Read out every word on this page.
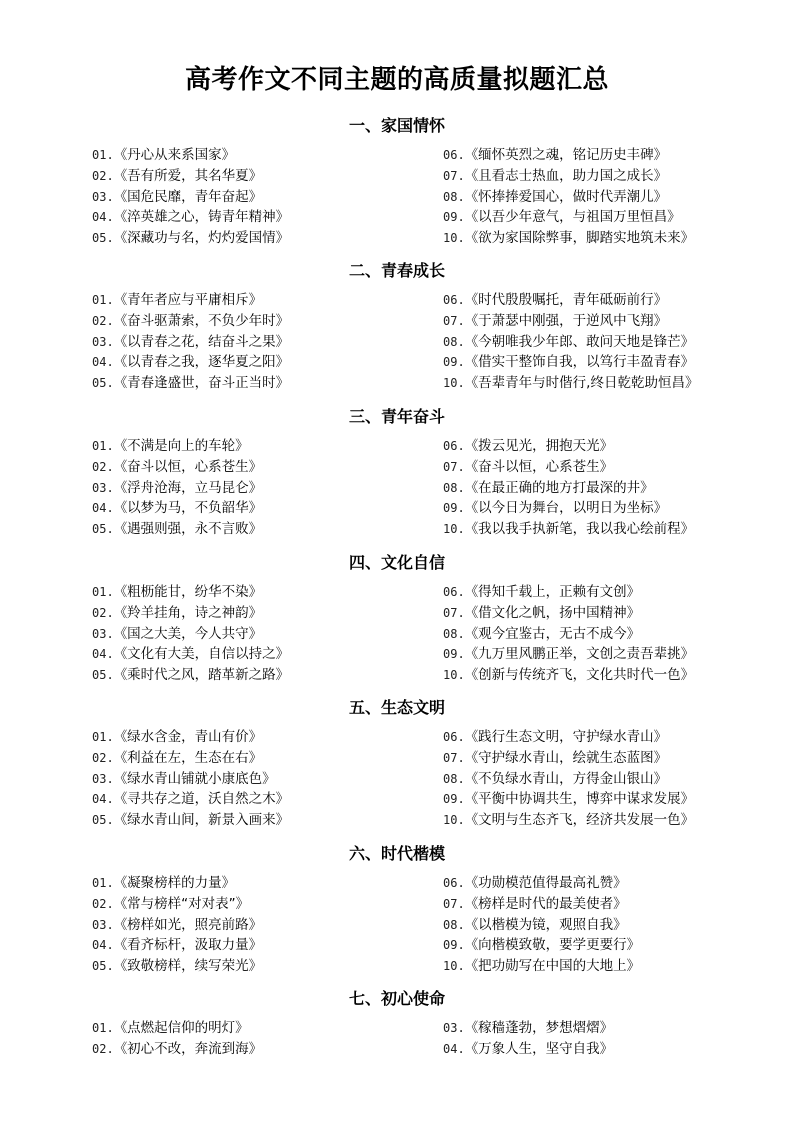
高考作文不同主题的高质量拟题汇总
一、家国情怀
01.《丹心从来系国家》
02.《吾有所爱，其名华夏》
03.《国危民靡，青年奋起》
04.《淬英雄之心，铸青年精神》
05.《深藏功与名，灼灼爱国情》
06.《缅怀英烈之魂，铭记历史丰碑》
07.《且看志士热血，助力国之成长》
08.《怀捧捧爱国心，做时代弄潮儿》
09.《以吾少年意气，与祖国万里恒昌》
10.《欲为家国除弊事，脚踏实地筑未来》
二、青春成长
01.《青年者应与平庸相斥》
02.《奋斗驱萧索，不负少年时》
03.《以青春之花，结奋斗之果》
04.《以青春之我，逐华夏之阳》
05.《青春逢盛世，奋斗正当时》
06.《时代殷殷嘱托，青年砥砺前行》
07.《于萧瑟中刚强，于逆风中飞翔》
08.《今朝唯我少年郎、敢问天地是锋芒》
09.《借实干整饰自我，以笃行丰盈青春》
10.《吾辈青年与时偕行,终日乾乾助恒昌》
三、青年奋斗
01.《不满是向上的车轮》
02.《奋斗以恒，心系苍生》
03.《浮舟沧海，立马昆仑》
04.《以梦为马，不负韶华》
05.《遇强则强，永不言败》
06.《拨云见光，拥抱天光》
07.《奋斗以恒，心系苍生》
08.《在最正确的地方打最深的井》
09.《以今日为舞台，以明日为坐标》
10.《我以我手执新笔，我以我心绘前程》
四、文化自信
01.《粗枥能甘，纷华不染》
02.《羚羊挂角，诗之神韵》
03.《国之大美，今人共守》
04.《文化有大美，自信以持之》
05.《乘时代之风，踏革新之路》
06.《得知千载上，正赖有文创》
07.《借文化之帆，扬中国精神》
08.《观今宜鉴古，无古不成今》
09.《九万里风鹏正举，文创之责吾辈挑》
10.《创新与传统齐飞，文化共时代一色》
五、生态文明
01.《绿水含金，青山有价》
02.《利益在左，生态在右》
03.《绿水青山铺就小康底色》
04.《寻共存之道，沃自然之木》
05.《绿水青山间，新景入画来》
06.《践行生态文明，守护绿水青山》
07.《守护绿水青山，绘就生态蓝图》
08.《不负绿水青山，方得金山银山》
09.《平衡中协调共生，博弈中谋求发展》
10.《文明与生态齐飞，经济共发展一色》
六、时代楷模
01.《凝聚榜样的力量》
02.《常与榜样“对对表”》
03.《榜样如光，照亮前路》
04.《看齐标杆，汲取力量》
05.《致敬榜样，续写荣光》
06.《功勋模范值得最高礼赞》
07.《榜样是时代的最美使者》
08.《以楷模为镜，观照自我》
09.《向楷模致敬，要学更要行》
10.《把功勋写在中国的大地上》
七、初心使命
01.《点燃起信仰的明灯》
02.《初心不改，奔流到海》
03.《稼穑蓬勃，梦想熠熠》
04.《万象人生，坚守自我》
